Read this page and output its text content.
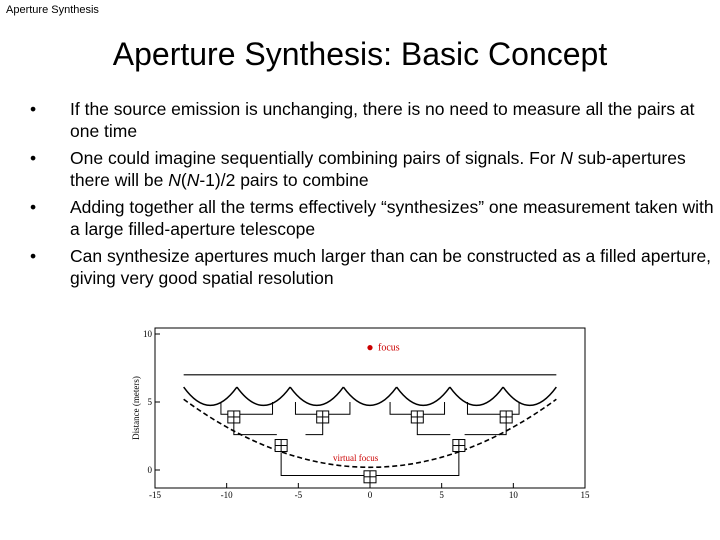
Aperture Synthesis
Aperture Synthesis: Basic Concept
• If the source emission is unchanging, there is no need to measure all the pairs at one time
• One could imagine sequentially combining pairs of signals. For N sub-apertures there will be N(N-1)/2 pairs to combine
• Adding together all the terms effectively “synthesizes” one measurement taken with a large filled-aperture telescope
• Can synthesize apertures much larger than can be constructed as a filled aperture, giving very good spatial resolution
Distance (meters)
-15	-10	-5	0	5	10	15
10
5
0
focus
virtual focus
